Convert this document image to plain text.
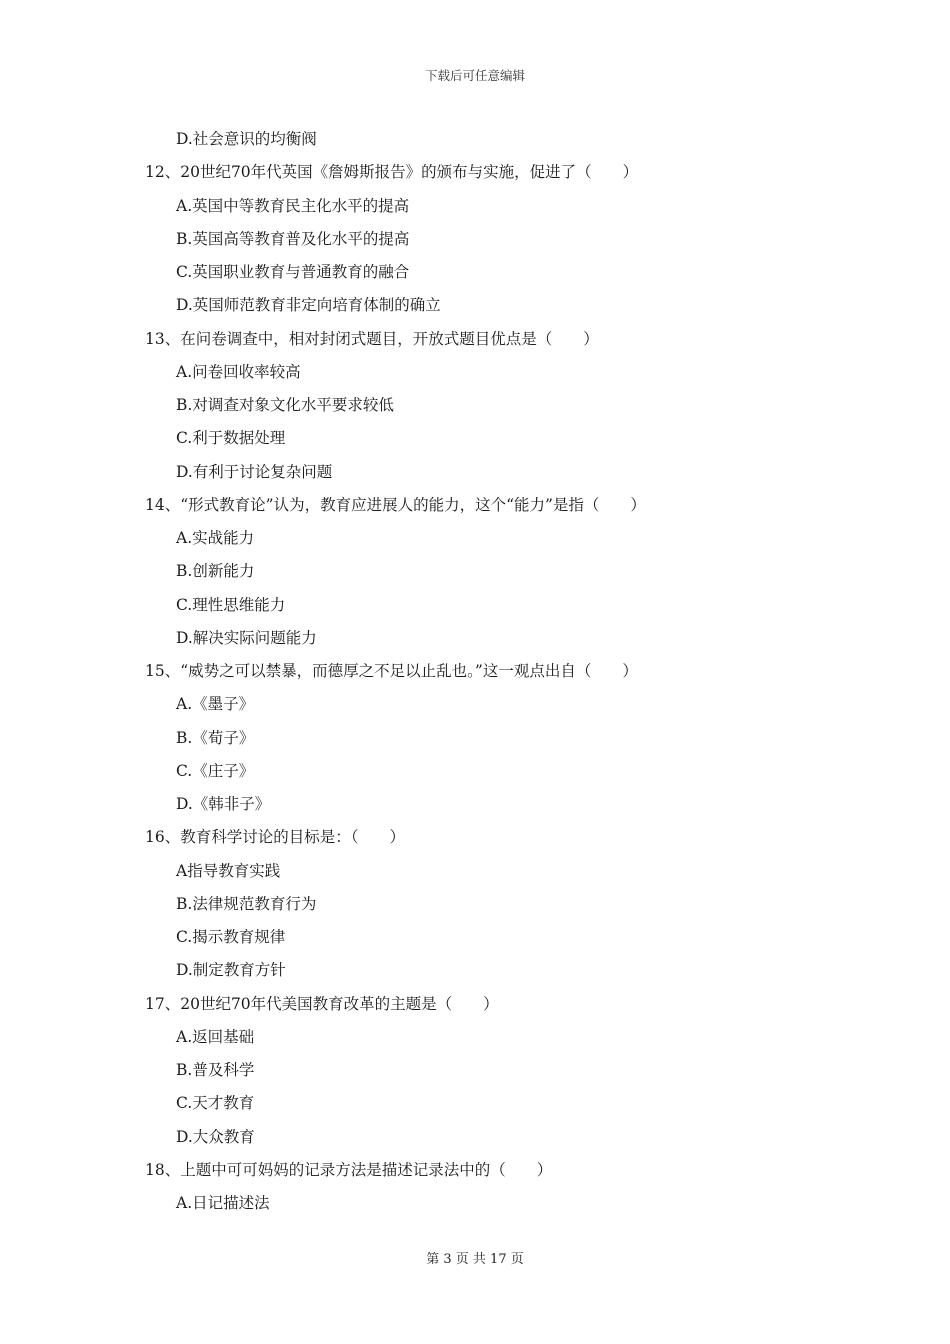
下载后可任意编辑
D.社会意识的均衡阀
12、20世纪70年代英国《詹姆斯报告》的颁布与实施，促进了（　　）
A.英国中等教育民主化水平的提高
B.英国高等教育普及化水平的提高
C.英国职业教育与普通教育的融合
D.英国师范教育非定向培育体制的确立
13、在问卷调查中，相对封闭式题目，开放式题目优点是（　　）
A.问卷回收率较高
B.对调查对象文化水平要求较低
C.利于数据处理
D.有利于讨论复杂问题
14、“形式教育论”认为，教育应进展人的能力，这个“能力”是指（　　）
A.实战能力
B.创新能力
C.理性思维能力
D.解决实际问题能力
15、“威势之可以禁暴，而德厚之不足以止乱也。”这一观点出自（　　）
A.《墨子》
B.《荀子》
C.《庄子》
D.《韩非子》
16、教育科学讨论的目标是：（　　）
A指导教育实践
B.法律规范教育行为
C.揭示教育规律
D.制定教育方针
17、20世纪70年代美国教育改革的主题是（　　）
A.返回基础
B.普及科学
C.天才教育
D.大众教育
18、上题中可可妈妈的记录方法是描述记录法中的（　　）
A.日记描述法
第 3 页 共 17 页
